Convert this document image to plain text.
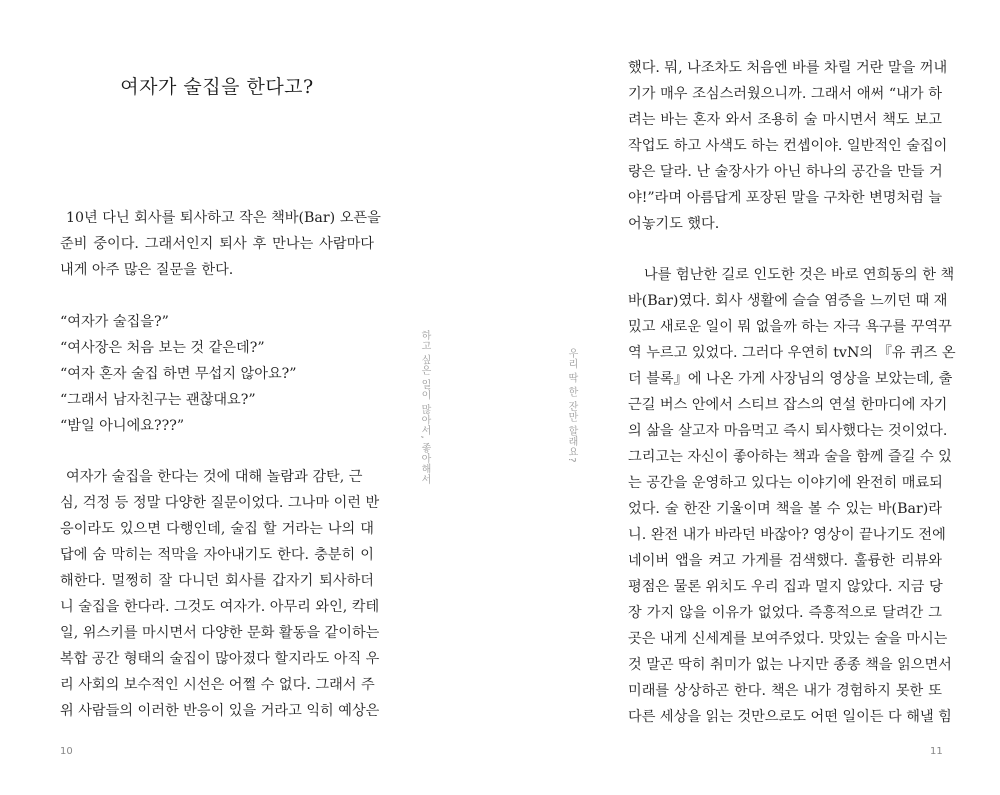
여자가 술집을 한다고?
10년 다닌 회사를 퇴사하고 작은 책바(Bar) 오픈을
준비 중이다. 그래서인지 퇴사 후 만나는 사람마다
내게 아주 많은 질문을 한다.
“여자가 술집을?”
“여사장은 처음 보는 것 같은데?”
“여자 혼자 술집 하면 무섭지 않아요?”
“그래서 남자친구는 괜찮대요?”
“밤일 아니에요???”
여자가 술집을 한다는 것에 대해 놀람과 감탄, 근
심, 걱정 등 정말 다양한 질문이었다. 그나마 이런 반
응이라도 있으면 다행인데, 술집 할 거라는 나의 대
답에 숨 막히는 적막을 자아내기도 한다. 충분히 이
해한다. 멀쩡히 잘 다니던 회사를 갑자기 퇴사하더
니 술집을 한다라. 그것도 여자가. 아무리 와인, 칵테
일, 위스키를 마시면서 다양한 문화 활동을 같이하는
복합 공간 형태의 술집이 많아졌다 할지라도 아직 우
리 사회의 보수적인 시선은 어쩔 수 없다. 그래서 주
위 사람들의 이러한 반응이 있을 거라고 익히 예상은
했다. 뭐, 나조차도 처음엔 바를 차릴 거란 말을 꺼내
기가 매우 조심스러웠으니까. 그래서 애써 “내가 하
려는 바는 혼자 와서 조용히 술 마시면서 책도 보고
작업도 하고 사색도 하는 컨셉이야. 일반적인 술집이
랑은 달라. 난 술장사가 아닌 하나의 공간을 만들 거
야!”라며 아름답게 포장된 말을 구차한 변명처럼 늘
어놓기도 했다.
나를 험난한 길로 인도한 것은 바로 연희동의 한 책
바(Bar)였다. 회사 생활에 슬슬 염증을 느끼던 때 재
밌고 새로운 일이 뭐 없을까 하는 자극 욕구를 꾸역꾸
역 누르고 있었다. 그러다 우연히 tvN의 『유 퀴즈 온
더 블록』에 나온 가게 사장님의 영상을 보았는데, 출
근길 버스 안에서 스티브 잡스의 연설 한마디에 자기
의 삶을 살고자 마음먹고 즉시 퇴사했다는 것이었다.
그리고는 자신이 좋아하는 책과 술을 함께 즐길 수 있
는 공간을 운영하고 있다는 이야기에 완전히 매료되
었다. 술 한잔 기울이며 책을 볼 수 있는 바(Bar)라
니. 완전 내가 바라던 바잖아? 영상이 끝나기도 전에
네이버 앱을 켜고 가게를 검색했다. 훌륭한 리뷰와
평점은 물론 위치도 우리 집과 멀지 않았다. 지금 당
장 가지 않을 이유가 없었다. 즉흥적으로 달려간 그
곳은 내게 신세계를 보여주었다. 맛있는 술을 마시는
것 말곤 딱히 취미가 없는 나지만 종종 책을 읽으면서
미래를 상상하곤 한다. 책은 내가 경험하지 못한 또
다른 세상을 읽는 것만으로도 어떤 일이든 다 해낼 힘
하고 싶은 일이 많아서, 좋아해서	우리 딱 한 잔만 할래요?
10	11
